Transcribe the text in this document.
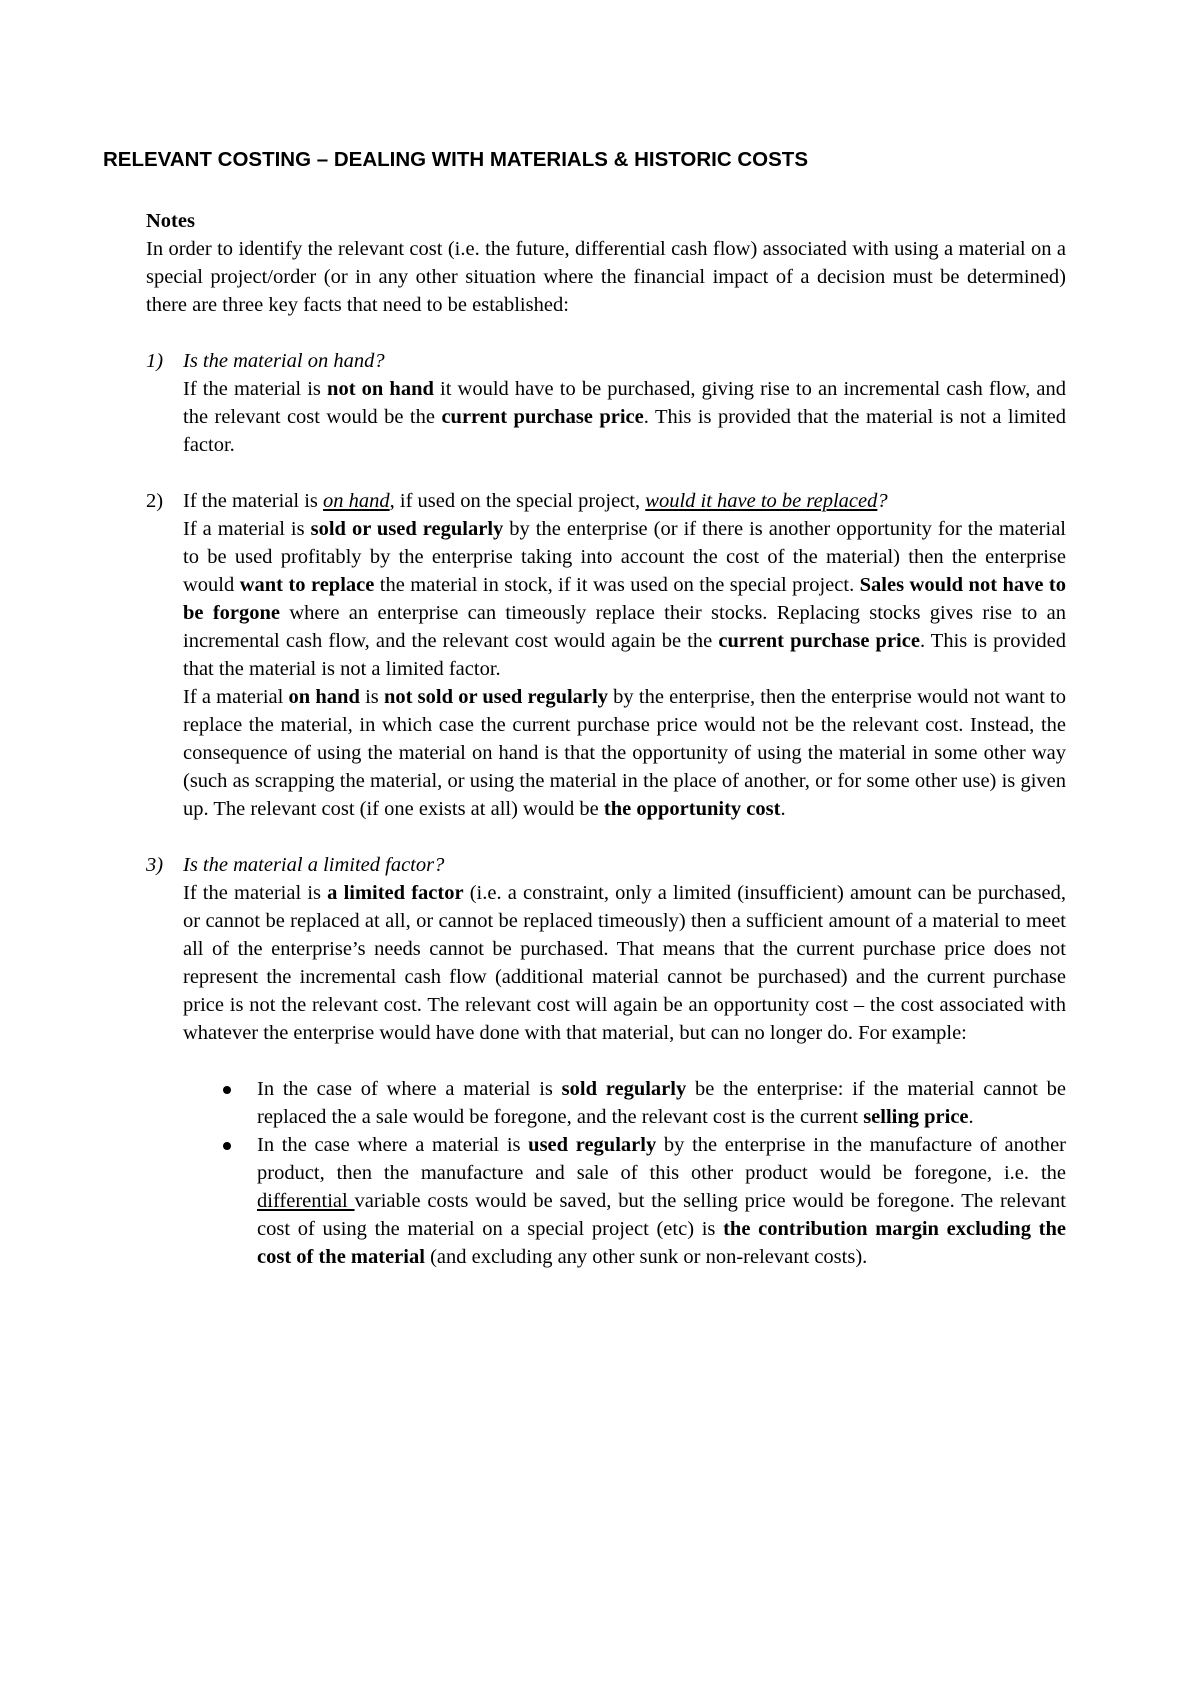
RELEVANT COSTING – DEALING WITH MATERIALS & HISTORIC COSTS

Notes
In order to identify the relevant cost (i.e. the future, differential cash flow) associated with using a material on a special project/order (or in any other situation where the financial impact of a decision must be determined) there are three key facts that need to be established:

1) Is the material on hand?

If the material is not on hand it would have to be purchased, giving rise to an incremental cash flow, and the relevant cost would be the current purchase price. This is provided that the material is not a limited factor.

2) If the material is on hand, if used on the special project, would it have to be replaced?

If a material is sold or used regularly by the enterprise (or if there is another opportunity for the material to be used profitably by the enterprise taking into account the cost of the material) then the enterprise would want to replace the material in stock, if it was used on the special project. Sales would not have to be forgone where an enterprise can timeously replace their stocks. Replacing stocks gives rise to an incremental cash flow, and the relevant cost would again be the current purchase price. This is provided that the material is not a limited factor.

If a material on hand is not sold or used regularly by the enterprise, then the enterprise would not want to replace the material, in which case the current purchase price would not be the relevant cost. Instead, the consequence of using the material on hand is that the opportunity of using the material in some other way (such as scrapping the material, or using the material in the place of another, or for some other use) is given up. The relevant cost (if one exists at all) would be the opportunity cost.

3) Is the material a limited factor?

If the material is a limited factor (i.e. a constraint, only a limited (insufficient) amount can be purchased, or cannot be replaced at all, or cannot be replaced timeously) then a sufficient amount of a material to meet all of the enterprise’s needs cannot be purchased. That means that the current purchase price does not represent the incremental cash flow (additional material cannot be purchased) and the current purchase price is not the relevant cost. The relevant cost will again be an opportunity cost – the cost associated with whatever the enterprise would have done with that material, but can no longer do. For example:

In the case of where a material is sold regularly be the enterprise: if the material cannot be replaced the a sale would be foregone, and the relevant cost is the current selling price.

In the case where a material is used regularly by the enterprise in the manufacture of another product, then the manufacture and sale of this other product would be foregone, i.e. the differential variable costs would be saved, but the selling price would be foregone. The relevant cost of using the material on a special project (etc) is the contribution margin excluding the cost of the material (and excluding any other sunk or non-relevant costs).
